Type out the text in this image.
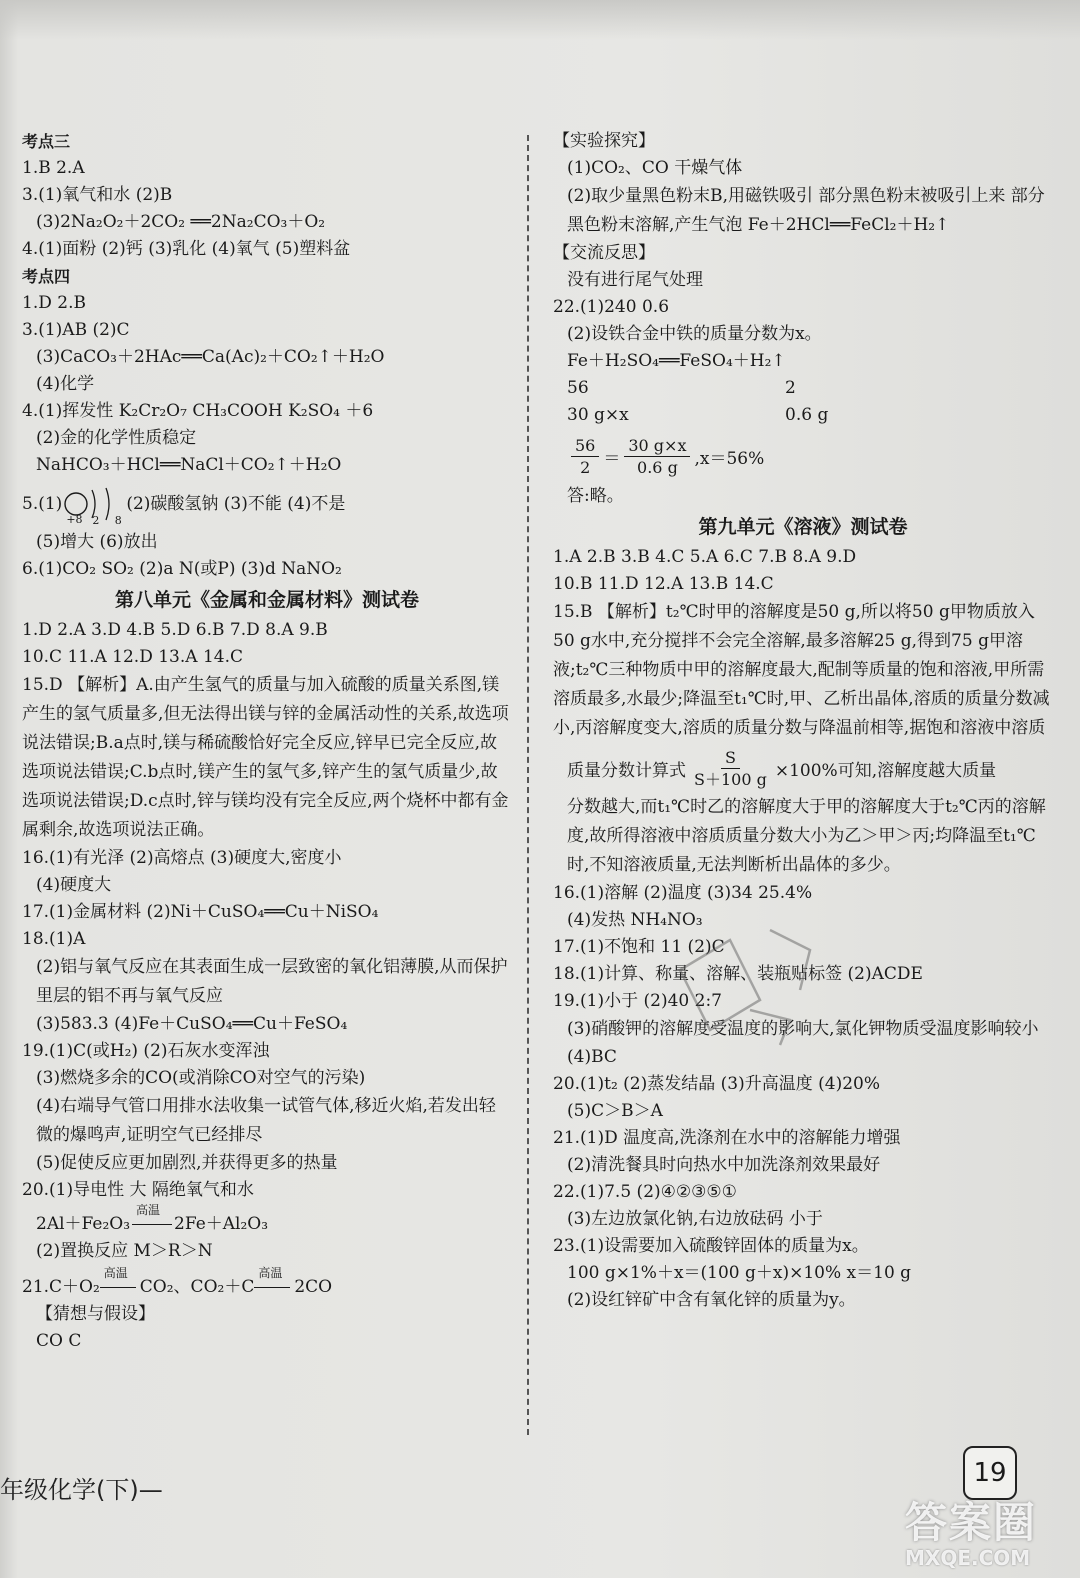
考点三
1.B 2.A
3.(1)氧气和水 (2)B
(3)2Na₂O₂＋2CO₂ ══2Na₂CO₃＋O₂
4.(1)面粉 (2)钙 (3)乳化 (4)氧气 (5)塑料盆
考点四
1.D 2.B
3.(1)AB (2)C
(3)CaCO₃＋2HAc══Ca(Ac)₂＋CO₂↑＋H₂O
(4)化学
4.(1)挥发性 K₂Cr₂O₇ CH₃COOH K₂SO₄ ＋6
(2)金的化学性质稳定
NaHCO₃＋HCl══NaCl＋CO₂↑＋H₂O
5.(1)
+8 2 8
(2)碳酸氢钠 (3)不能 (4)不是
(5)增大 (6)放出
6.(1)CO₂ SO₂ (2)a N(或P) (3)d NaNO₂
第八单元《金属和金属材料》测试卷
1.D 2.A 3.D 4.B 5.D 6.B 7.D 8.A 9.B
10.C 11.A 12.D 13.A 14.C
15.D 【解析】A.由产生氢气的质量与加入硫酸的质量关系图,镁产生的氢气质量多,但无法得出镁与锌的金属活动性的关系,故选项说法错误;B.a点时,镁与稀硫酸恰好完全反应,锌早已完全反应,故选项说法错误;C.b点时,镁产生的氢气多,锌产生的氢气质量少,故选项说法错误;D.c点时,锌与镁均没有完全反应,两个烧杯中都有金属剩余,故选项说法正确。
16.(1)有光泽 (2)高熔点 (3)硬度大,密度小
(4)硬度大
17.(1)金属材料 (2)Ni＋CuSO₄══Cu＋NiSO₄
18.(1)A
(2)铝与氧气反应在其表面生成一层致密的氧化铝薄膜,从而保护里层的铝不再与氧气反应
(3)583.3 (4)Fe＋CuSO₄══Cu＋FeSO₄
19.(1)C(或H₂) (2)石灰水变浑浊
(3)燃烧多余的CO(或消除CO对空气的污染)
(4)右端导气管口用排水法收集一试管气体,移近火焰,若发出轻微的爆鸣声,证明空气已经排尽
(5)促使反应更加剧烈,并获得更多的热量
20.(1)导电性 大 隔绝氧气和水
2Al＋Fe₂O₃
高温
2Fe＋Al₂O₃
(2)置换反应 M＞R＞N
21.C＋O₂
高温
CO₂、CO₂＋C
高温
2CO
【猜想与假设】
CO C
【实验探究】
(1)CO₂、CO 干燥气体
(2)取少量黑色粉末B,用磁铁吸引 部分黑色粉末被吸引上来 部分黑色粉末溶解,产生气泡 Fe＋2HCl══FeCl₂＋H₂↑
【交流反思】
没有进行尾气处理
22.(1)240 0.6
(2)设铁合金中铁的质量分数为x。
Fe＋H₂SO₄══FeSO₄＋H₂↑
56	2
30 g×x	0.6 g
$\frac{56}{2} = \frac{30 g\times x}{0.6 g} ,x=56\%$
答:略。
第九单元《溶液》测试卷
1.A 2.B 3.B 4.C 5.A 6.C 7.B 8.A 9.D
10.B 11.D 12.A 13.B 14.C
15.B 【解析】t₂℃时甲的溶解度是50 g,所以将50 g甲物质放入50 g水中,充分搅拌不会完全溶解,最多溶解25 g,得到75 g甲溶液;t₂℃三种物质中甲的溶解度最大,配制等质量的饱和溶液,甲所需溶质最多,水最少;降温至t₁℃时,甲、乙析出晶体,溶质的质量分数减小,丙溶解度变大,溶质的质量分数与降温前相等,据饱和溶液中溶质
质量分数计算式 $\frac{S}{S+100 g} \times 100\%$可知,溶解度越大质量
分数越大,而t₁℃时乙的溶解度大于甲的溶解度大于t₂℃丙的溶解度,故所得溶液中溶质质量分数大小为乙＞甲＞丙;均降温至t₁℃时,不知溶液质量,无法判断析出晶体的多少。
16.(1)溶解 (2)温度 (3)34 25.4%
(4)发热 NH₄NO₃
17.(1)不饱和 11 (2)C
18.(1)计算、称量、溶解、装瓶贴标签 (2)ACDE
19.(1)小于 (2)40 2:7
(3)硝酸钾的溶解度受温度的影响大,氯化钾物质受温度影响较小
(4)BC
20.(1)t₂ (2)蒸发结晶 (3)升高温度 (4)20%
(5)C＞B＞A
21.(1)D 温度高,洗涤剂在水中的溶解能力增强
(2)清洗餐具时向热水中加洗涤剂效果最好
22.(1)7.5 (2)④②③⑤①
(3)左边放氯化钠,右边放砝码 小于
23.(1)设需要加入硫酸锌固体的质量为x。
100 g×1%＋x＝(100 g＋x)×10% x＝10 g
(2)设红锌矿中含有氧化锌的质量为y。
年级化学(下)—
19
答案圈
MXQE.COM
